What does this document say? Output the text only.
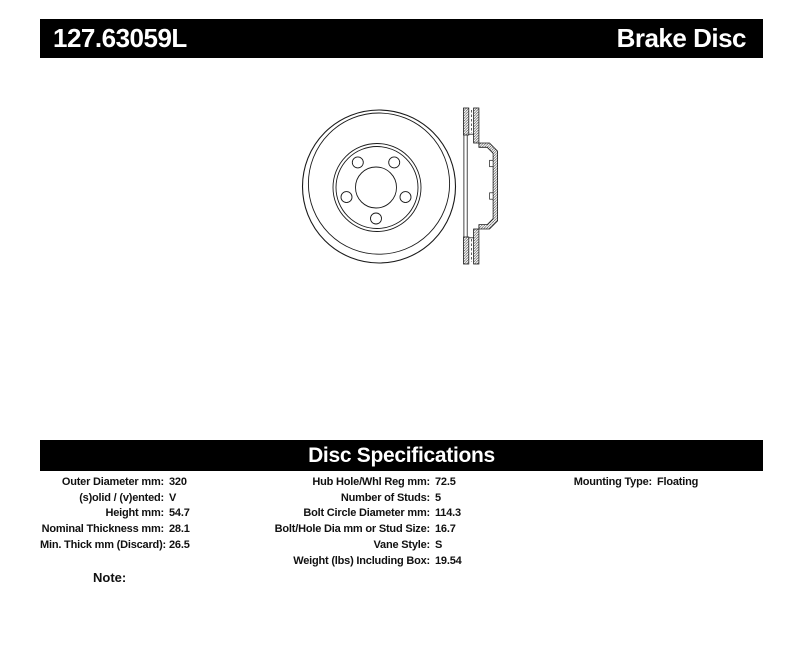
127.63059L	Brake Disc
Disc Specifications
Outer Diameter mm: 320
(s)olid / (v)ented: V
Height mm: 54.7
Nominal Thickness mm: 28.1
Min. Thick mm (Discard): 26.5
Hub Hole/Whl Reg mm: 72.5
Number of Studs: 5
Bolt Circle Diameter mm: 114.3
Bolt/Hole Dia mm or Stud Size: 16.7
Vane Style: S
Weight (lbs) Including Box: 19.54
Mounting Type: Floating
Note:
